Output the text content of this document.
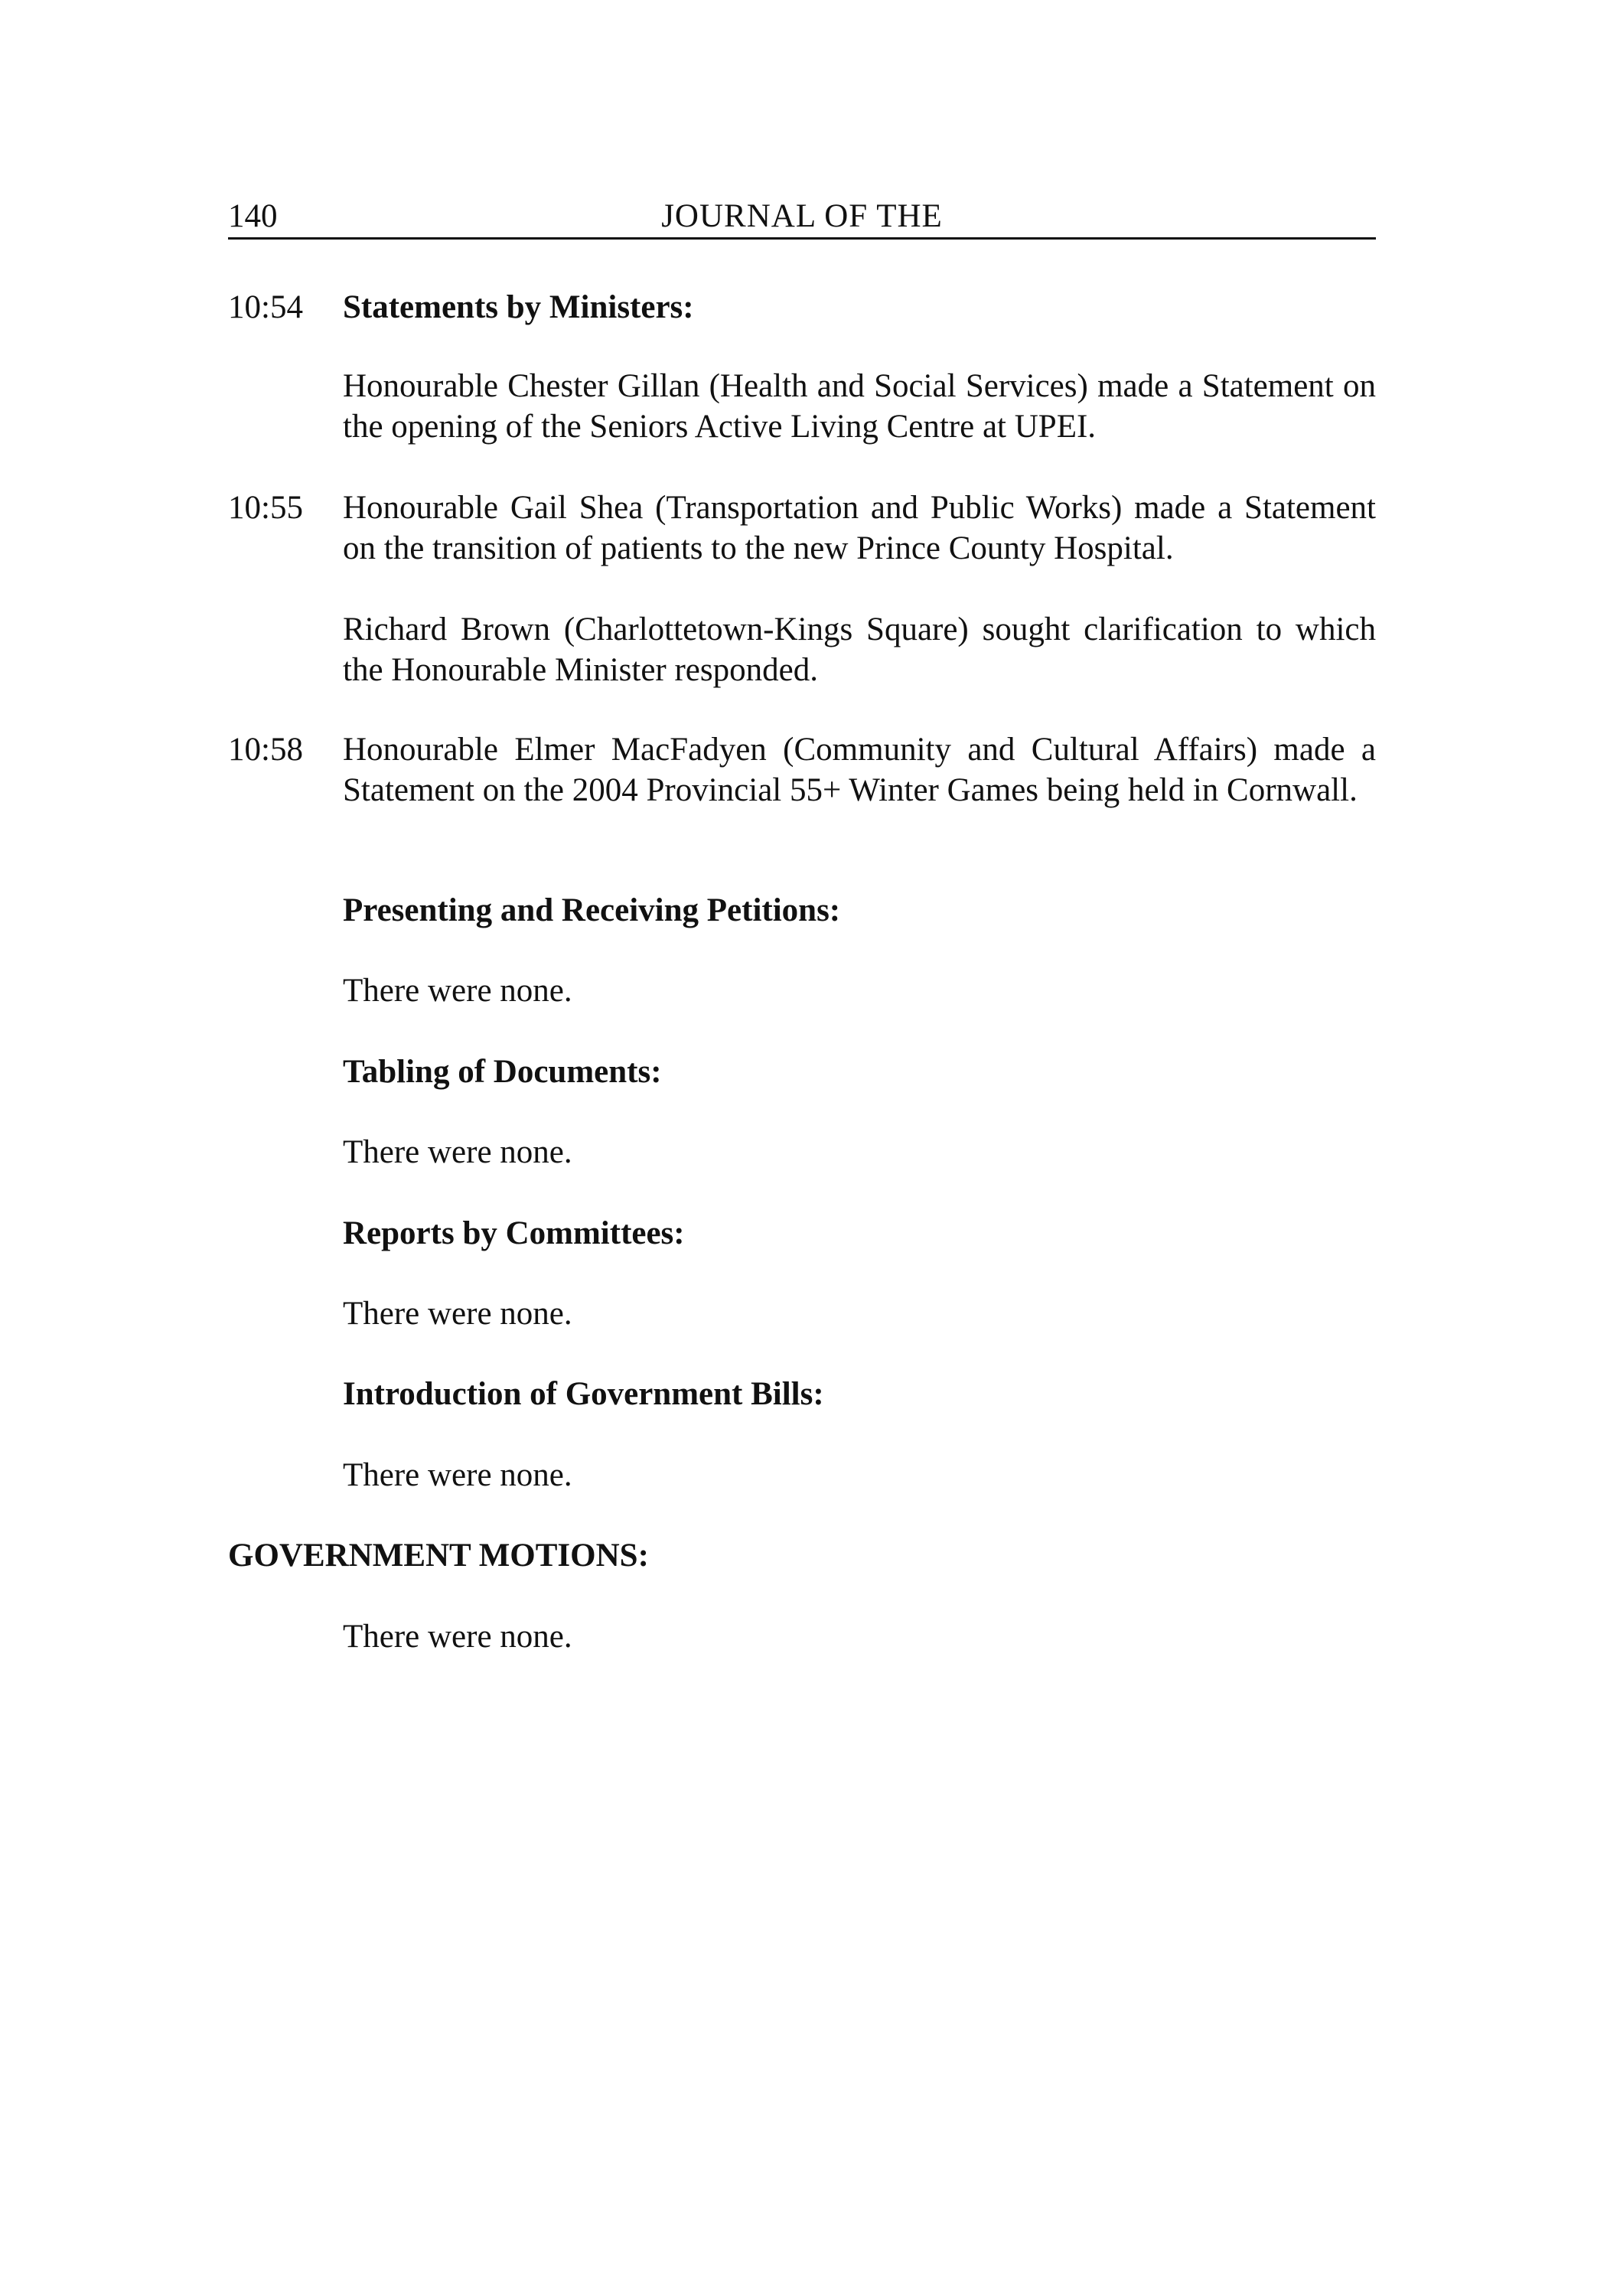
140	JOURNAL OF THE
10:54 Statements by Ministers:
Honourable Chester Gillan (Health and Social Services) made a Statement on the opening of the Seniors Active Living Centre at UPEI.
10:55 Honourable Gail Shea (Transportation and Public Works) made a Statement on the transition of patients to the new Prince County Hospital.
Richard Brown (Charlottetown-Kings Square) sought clarification to which the Honourable Minister responded.
10:58 Honourable Elmer MacFadyen (Community and Cultural Affairs) made a Statement on the 2004 Provincial 55+ Winter Games being held in Cornwall.
Presenting and Receiving Petitions:
There were none.
Tabling of Documents:
There were none.
Reports by Committees:
There were none.
Introduction of Government Bills:
There were none.
GOVERNMENT MOTIONS:
There were none.
